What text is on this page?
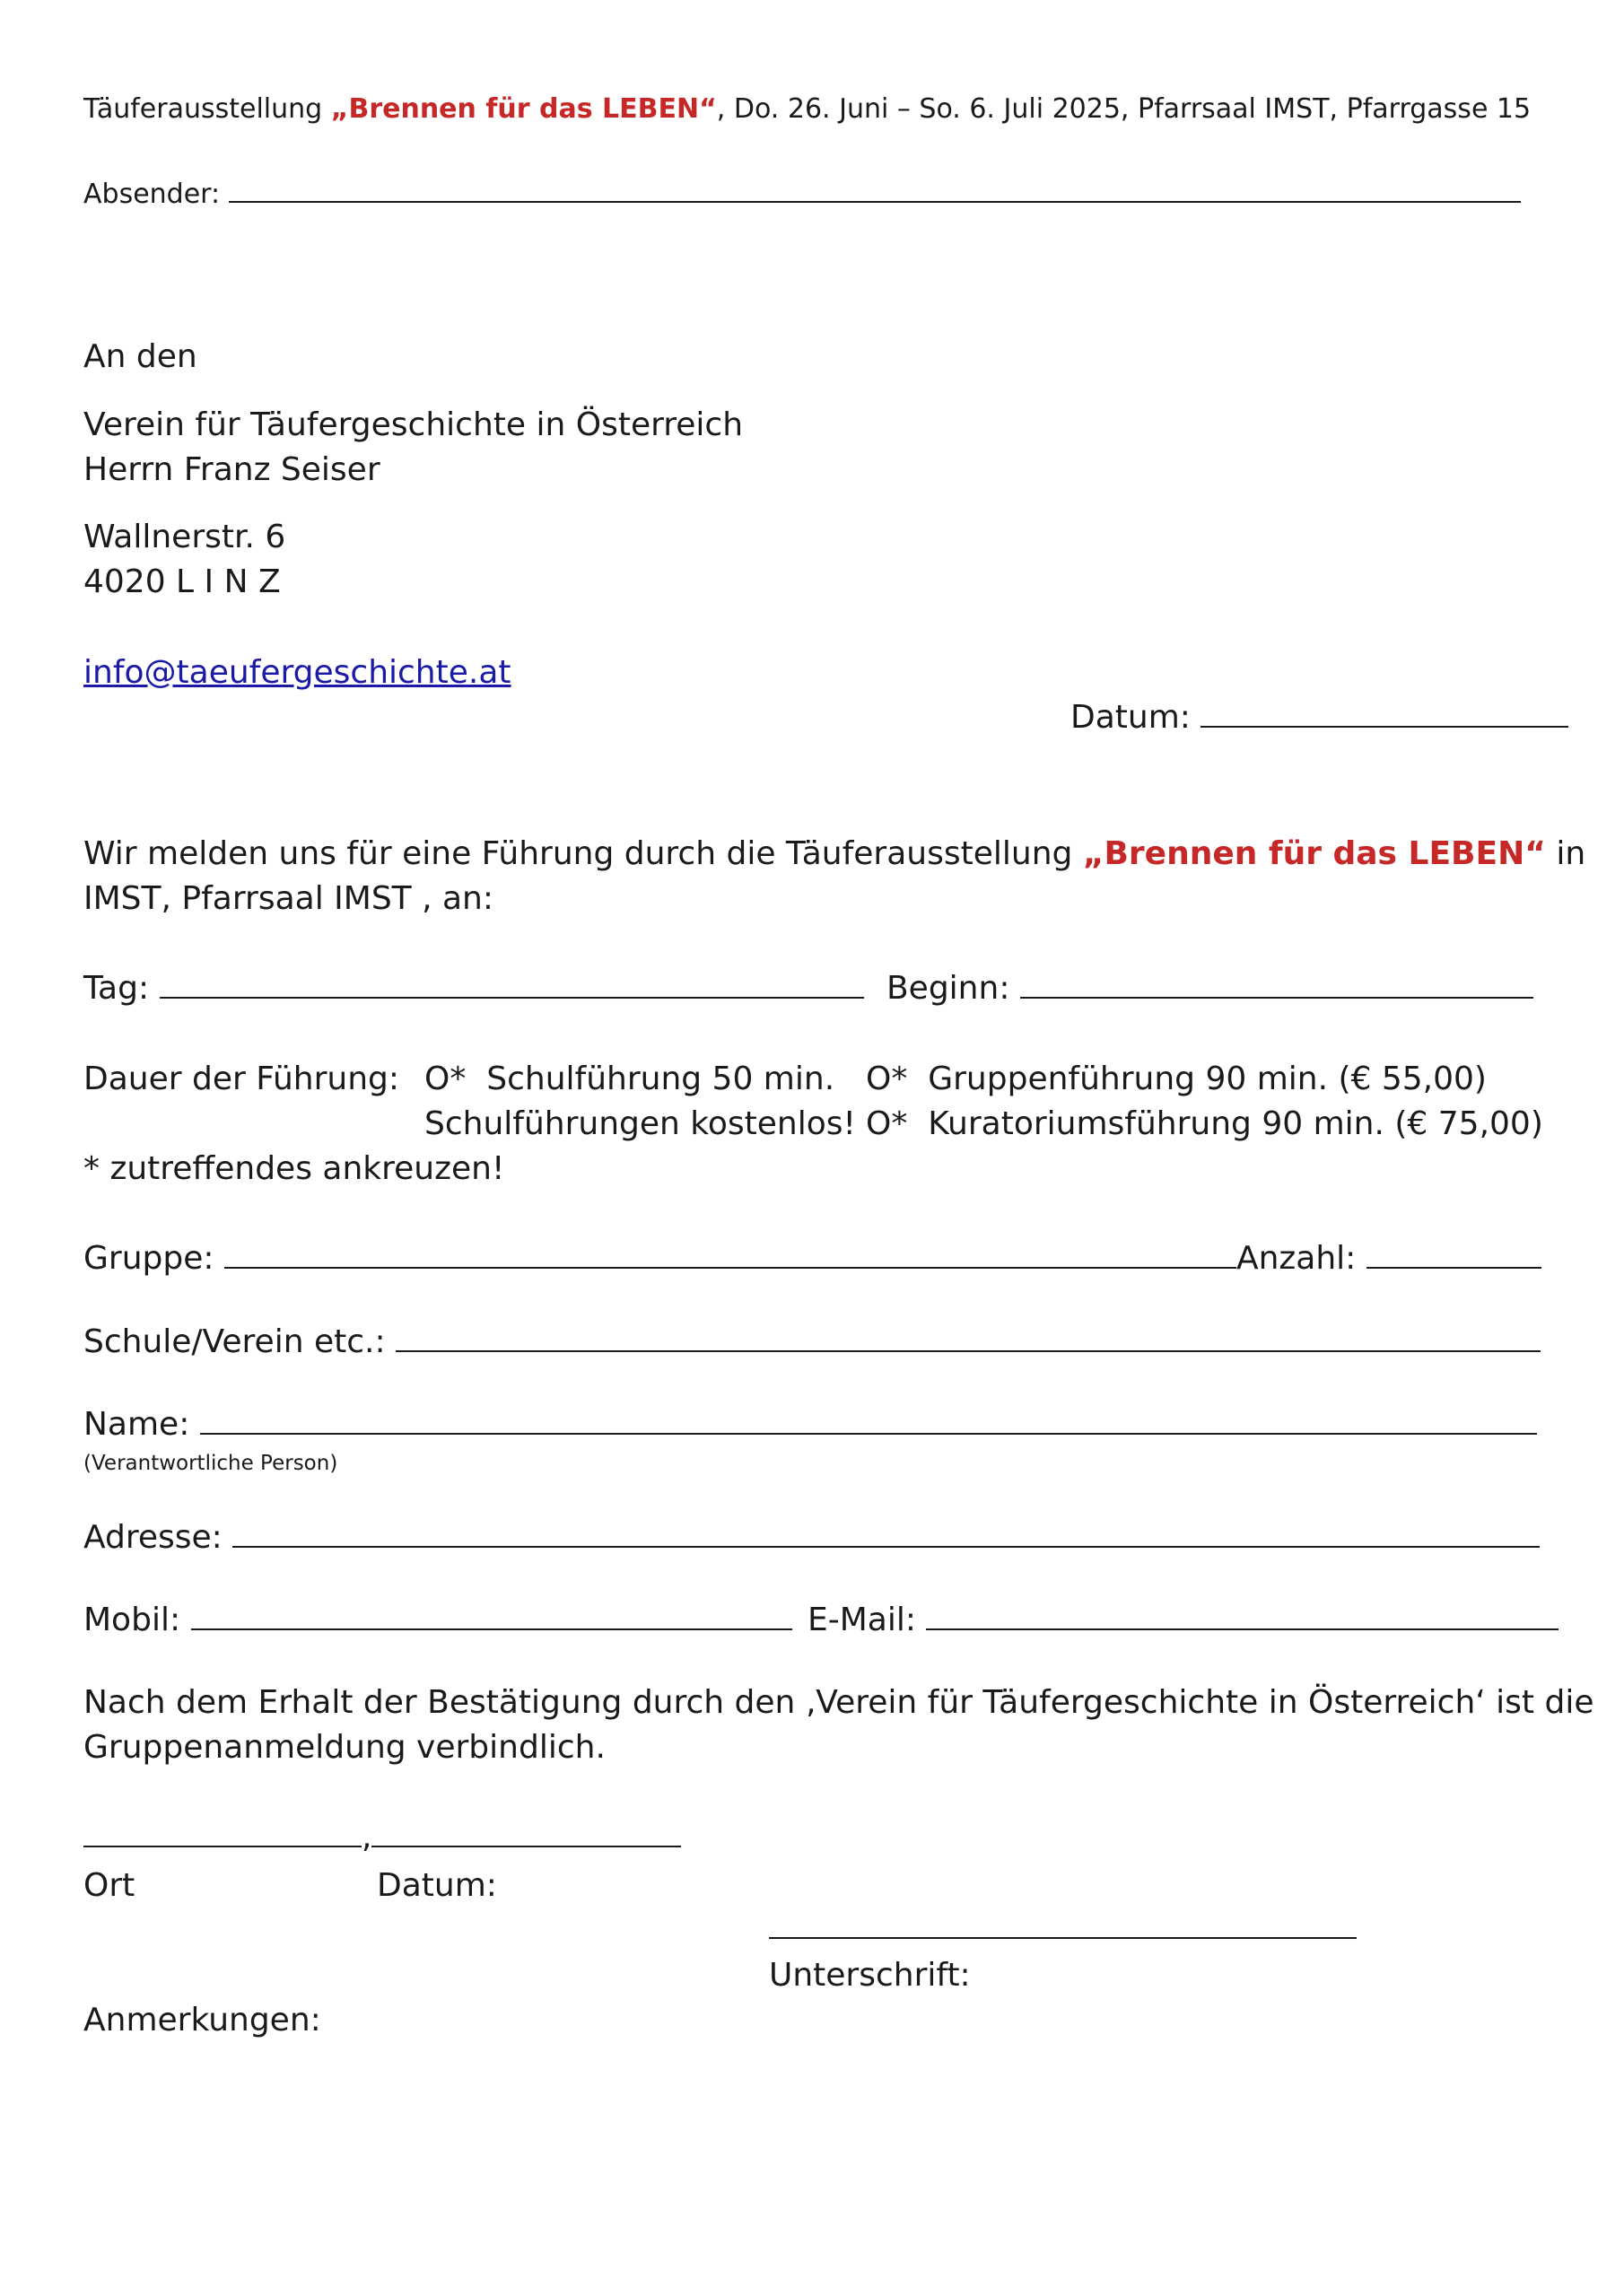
Täuferausstellung „Brennen für das LEBEN“, Do. 26. Juni – So. 6. Juli 2025, Pfarrsaal IMST, Pfarrgasse 15
Absender:
An den
Verein für Täufergeschichte in Österreich
Herrn Franz Seiser
Wallnerstr. 6
4020 L I N Z
info@taeufergeschichte.at
Datum:
Wir melden uns für eine Führung durch die Täuferausstellung „Brennen für das LEBEN“ in
IMST, Pfarrsaal IMST , an:
Tag:	Beginn:
Dauer der Führung: O* Schulführung 50 min. O* Gruppenführung 90 min. (€ 55,00)
Schulführungen kostenlos! O* Kuratoriumsführung 90 min. (€ 75,00)
* zutreffendes ankreuzen!
Gruppe:	Anzahl:
Schule/Verein etc.:
Name:
(Verantwortliche Person)
Adresse:
Mobil:	E-Mail:
Nach dem Erhalt der Bestätigung durch den ‚Verein für Täufergeschichte in Österreich‘ ist die
Gruppenanmeldung verbindlich.
,
Ort	Datum:
Unterschrift:
Anmerkungen:
